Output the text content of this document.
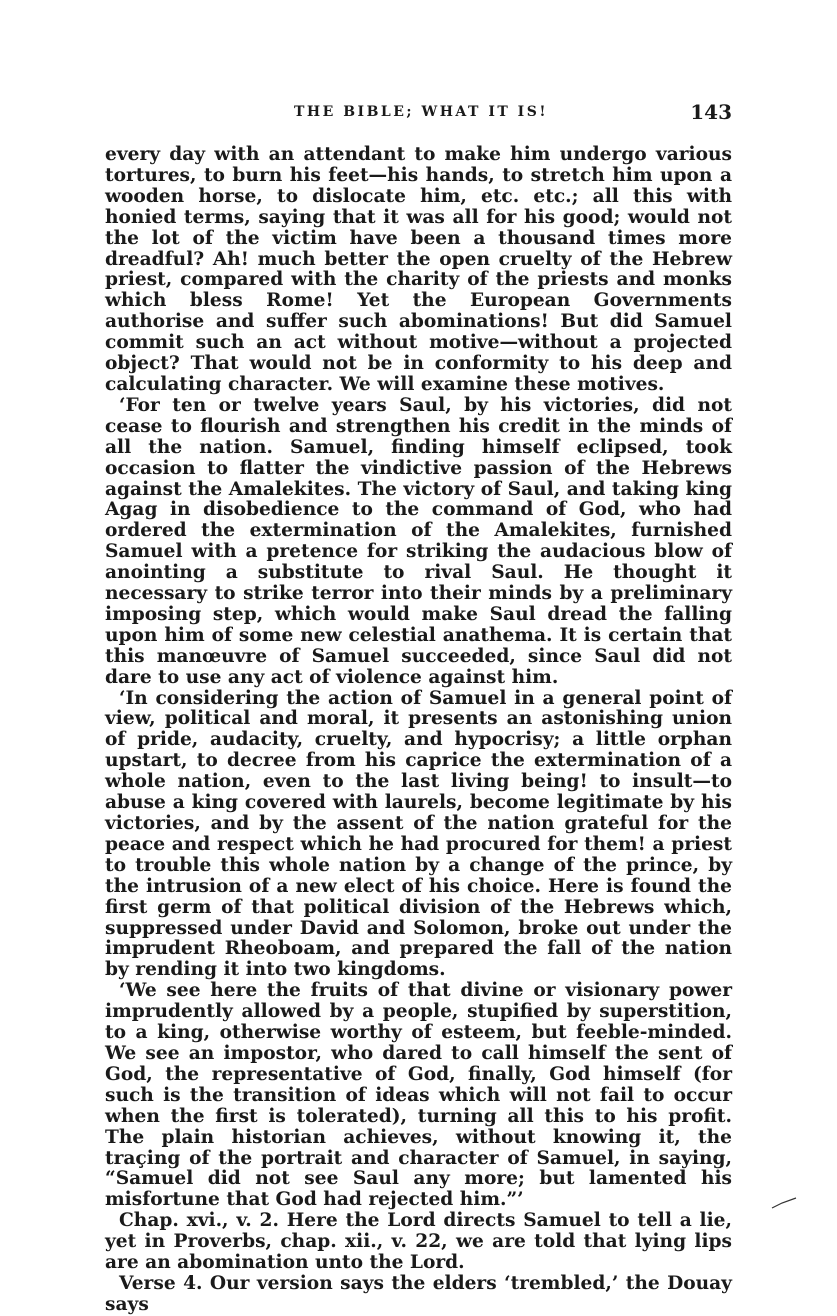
THE BIBLE; WHAT IT IS!	143

every day with an attendant to make him undergo various tortures, to burn his feet—his hands, to stretch him upon a wooden horse, to dislocate him, etc. etc.; all this with honied terms, saying that it was all for his good; would not the lot of the victim have been a thousand times more dreadful? Ah! much better the open cruelty of the Hebrew priest, compared with the charity of the priests and monks which bless Rome! Yet the European Governments authorise and suffer such abominations! But did Samuel commit such an act without motive—without a projected object? That would not be in conformity to his deep and calculating character. We will examine these motives.

‘For ten or twelve years Saul, by his victories, did not cease to flourish and strengthen his credit in the minds of all the nation. Samuel, finding himself eclipsed, took occasion to flatter the vindictive passion of the Hebrews against the Amalekites. The victory of Saul, and taking king Agag in disobedience to the command of God, who had ordered the extermination of the Amalekites, furnished Samuel with a pretence for striking the audacious blow of anointing a substitute to rival Saul. He thought it necessary to strike terror into their minds by a preliminary imposing step, which would make Saul dread the falling upon him of some new celestial anathema. It is certain that this manœuvre of Samuel succeeded, since Saul did not dare to use any act of violence against him.

‘In considering the action of Samuel in a general point of view, political and moral, it presents an astonishing union of pride, audacity, cruelty, and hypocrisy; a little orphan upstart, to decree from his caprice the extermination of a whole nation, even to the last living being! to insult—to abuse a king covered with laurels, become legitimate by his victories, and by the assent of the nation grateful for the peace and respect which he had procured for them! a priest to trouble this whole nation by a change of the prince, by the intrusion of a new elect of his choice. Here is found the first germ of that political division of the Hebrews which, suppressed under David and Solomon, broke out under the imprudent Rheoboam, and prepared the fall of the nation by rending it into two kingdoms.

‘We see here the fruits of that divine or visionary power imprudently allowed by a people, stupified by superstition, to a king, otherwise worthy of esteem, but feeble-minded. We see an impostor, who dared to call himself the sent of God, the representative of God, finally, God himself (for such is the transition of ideas which will not fail to occur when the first is tolerated), turning all this to his profit. The plain historian achieves, without knowing it, the traçing of the portrait and character of Samuel, in saying, “Samuel did not see Saul any more; but lamented his misfortune that God had rejected him.”’

Chap. xvi., v. 2. Here the Lord directs Samuel to tell a lie, yet in Proverbs, chap. xii., v. 22, we are told that lying lips are an abomination unto the Lord.

Verse 4. Our version says the elders ‘trembled,’ the Douay says
